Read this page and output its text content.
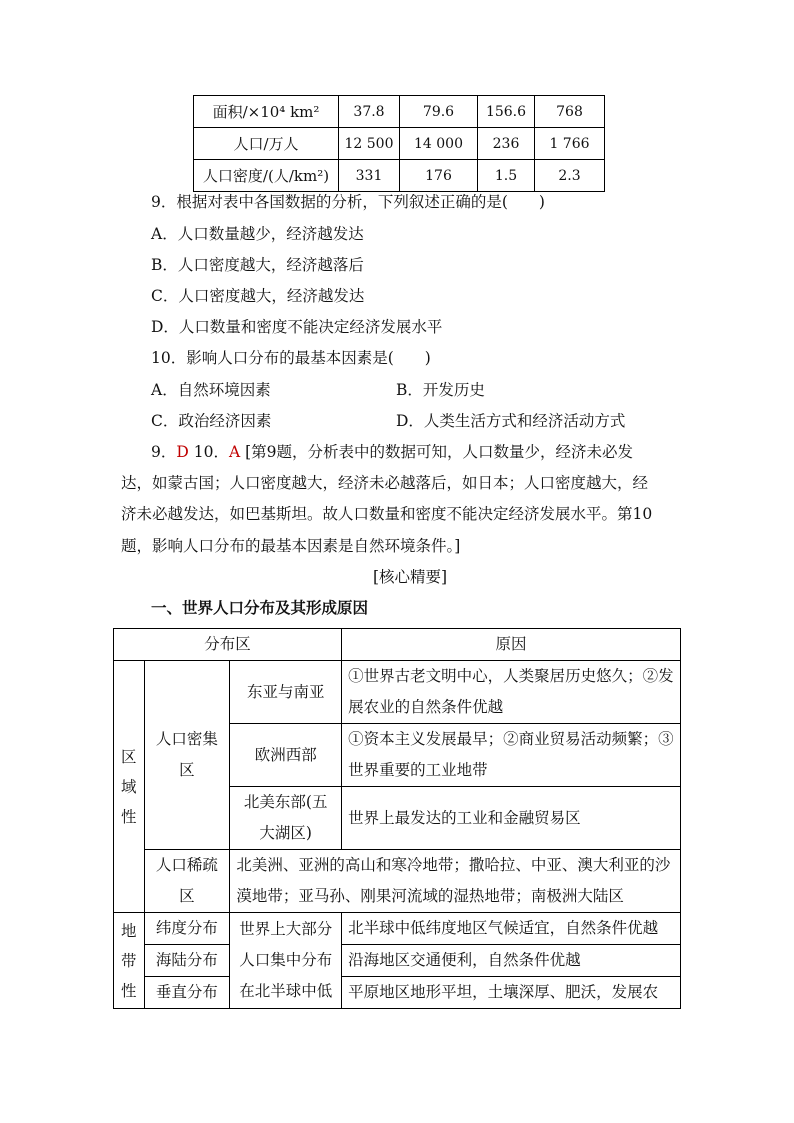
面积/×10⁴ km²	37.8	79.6	156.6	768
人口/万人	12 500	14 000	236	1 766
人口密度/(人/km²)	331	176	1.5	2.3
9．根据对表中各国数据的分析，下列叙述正确的是(　　)
A．人口数量越少，经济越发达
B．人口密度越大，经济越落后
C．人口密度越大，经济越发达
D．人口数量和密度不能决定经济发展水平
10．影响人口分布的最基本因素是(　　)
A．自然环境因素	B．开发历史
C．政治经济因素	D．人类生活方式和经济活动方式
9．D 10．A [第9题，分析表中的数据可知，人口数量少，经济未必发
达，如蒙古国；人口密度越大，经济未必越落后，如日本；人口密度越大，经
济未必越发达，如巴基斯坦。故人口数量和密度不能决定经济发展水平。第10
题，影响人口分布的最基本因素是自然环境条件。]
[核心精要]
一、世界人口分布及其形成原因
分布区			原因
区域性	人口密集区	东亚与南亚	①世界古老文明中心，人类聚居历史悠久；②发展农业的自然条件优越
		欧洲西部	①资本主义发展最早；②商业贸易活动频繁；③世界重要的工业地带
		北美东部(五大湖区)	世界上最发达的工业和金融贸易区
	人口稀疏区	北美洲、亚洲的高山和寒冷地带；撒哈拉、中亚、澳大利亚的沙漠地带；亚马孙、刚果河流域的湿热地带；南极洲大陆区	
地带性	纬度分布	世界上大部分人口集中分布在北半球中低	北半球中低纬度地区气候适宜，自然条件优越
	海陆分布		沿海地区交通便利，自然条件优越
	垂直分布		平原地区地形平坦，土壤深厚、肥沃，发展农
